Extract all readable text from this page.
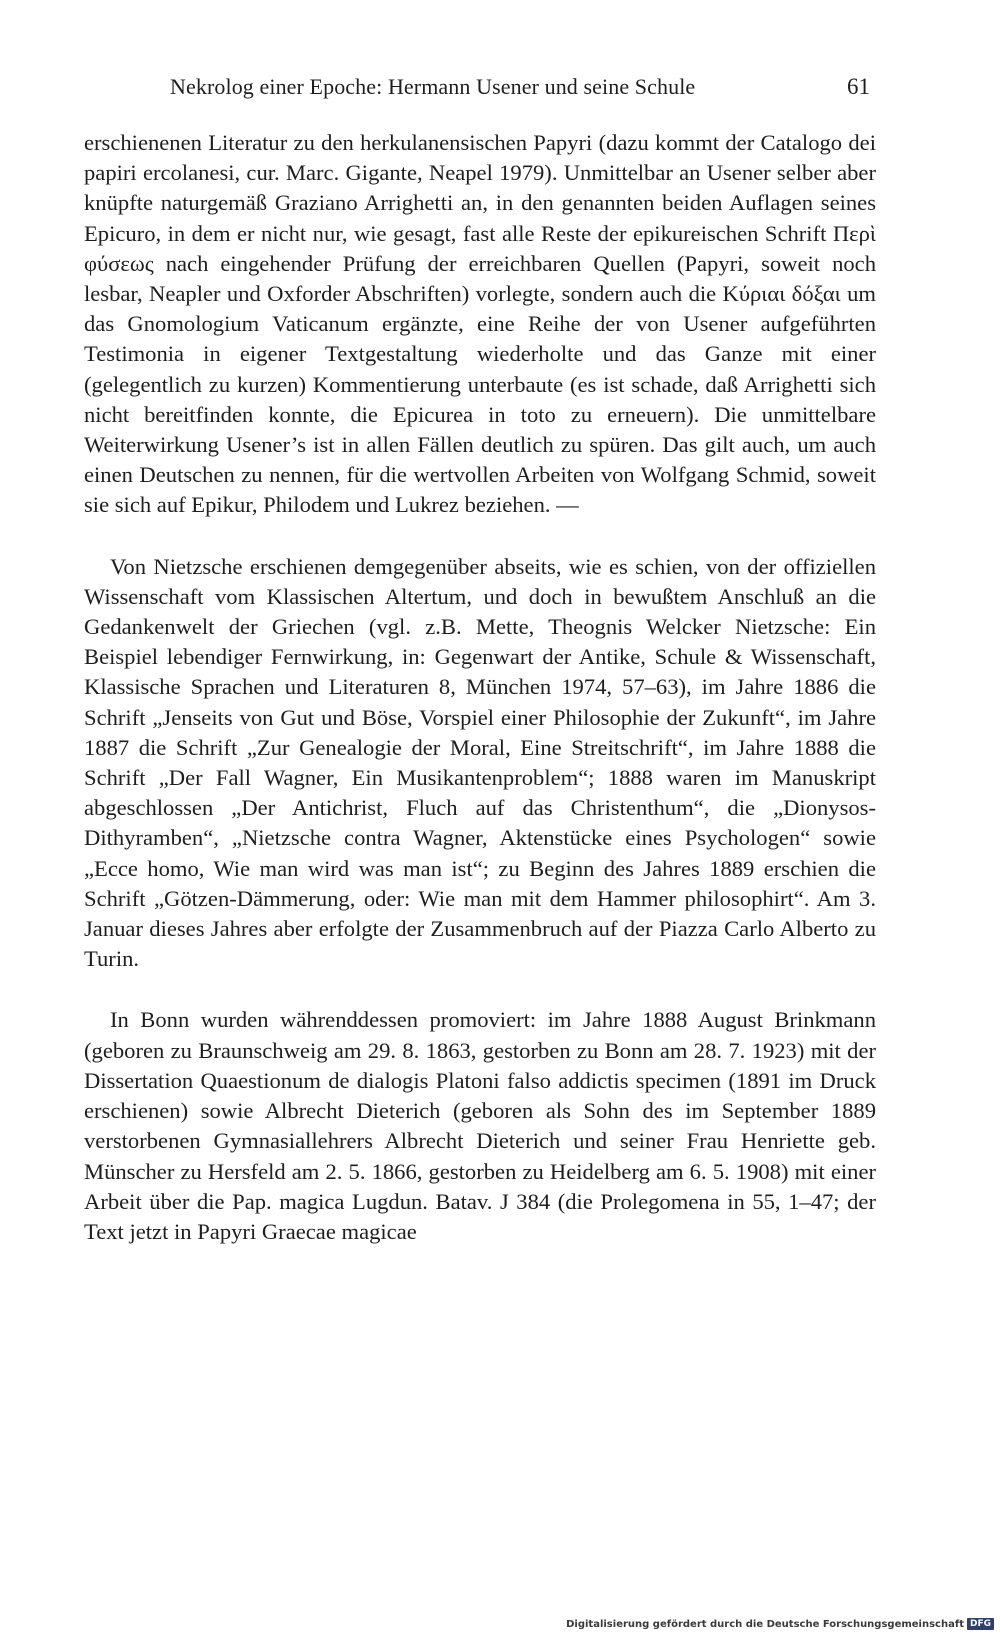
Nekrolog einer Epoche: Hermann Usener und seine Schule	61

erschienenen Literatur zu den herkulanensischen Papyri (dazu kommt der Catalogo dei papiri ercolanesi, cur. Marc. Gigante, Neapel 1979). Unmittelbar an Usener selber aber knüpfte naturgemäß Graziano Arrighetti an, in den genannten beiden Auflagen seines Epicuro, in dem er nicht nur, wie gesagt, fast alle Reste der epikureischen Schrift Περὶ φύσεως nach eingehender Prüfung der erreichbaren Quellen (Papyri, soweit noch lesbar, Neapler und Oxforder Abschriften) vorlegte, sondern auch die Κύριαι δόξαι um das Gnomologium Vaticanum ergänzte, eine Reihe der von Usener aufgeführten Testimonia in eigener Textgestaltung wiederholte und das Ganze mit einer (gelegentlich zu kurzen) Kommentierung unterbaute (es ist schade, daß Arrighetti sich nicht bereitfinden konnte, die Epicurea in toto zu erneuern). Die unmittelbare Weiterwirkung Usener’s ist in allen Fällen deutlich zu spüren. Das gilt auch, um auch einen Deutschen zu nennen, für die wertvollen Arbeiten von Wolfgang Schmid, soweit sie sich auf Epikur, Philodem und Lukrez beziehen. —

Von Nietzsche erschienen demgegenüber abseits, wie es schien, von der offiziellen Wissenschaft vom Klassischen Altertum, und doch in bewußtem Anschluß an die Gedankenwelt der Griechen (vgl. z.B. Mette, Theognis Welcker Nietzsche: Ein Beispiel lebendiger Fernwirkung, in: Gegenwart der Antike, Schule & Wissenschaft, Klassische Sprachen und Literaturen 8, München 1974, 57–63), im Jahre 1886 die Schrift „Jenseits von Gut und Böse, Vorspiel einer Philosophie der Zukunft“, im Jahre 1887 die Schrift „Zur Genealogie der Moral, Eine Streitschrift“, im Jahre 1888 die Schrift „Der Fall Wagner, Ein Musikantenproblem“; 1888 waren im Manuskript abgeschlossen „Der Antichrist, Fluch auf das Christenthum“, die „Dionysos-Dithyramben“, „Nietzsche contra Wagner, Aktenstücke eines Psychologen“ sowie „Ecce homo, Wie man wird was man ist“; zu Beginn des Jahres 1889 erschien die Schrift „Götzen-Dämmerung, oder: Wie man mit dem Hammer philosophirt“. Am 3. Januar dieses Jahres aber erfolgte der Zusammenbruch auf der Piazza Carlo Alberto zu Turin.

In Bonn wurden währenddessen promoviert: im Jahre 1888 August Brinkmann (geboren zu Braunschweig am 29. 8. 1863, gestorben zu Bonn am 28. 7. 1923) mit der Dissertation Quaestionum de dialogis Platoni falso addictis specimen (1891 im Druck erschienen) sowie Albrecht Dieterich (geboren als Sohn des im September 1889 verstorbenen Gymnasiallehrers Albrecht Dieterich und seiner Frau Henriette geb. Münscher zu Hersfeld am 2. 5. 1866, gestorben zu Heidelberg am 6. 5. 1908) mit einer Arbeit über die Pap. magica Lugdun. Batav. J 384 (die Prolegomena in 55, 1–47; der Text jetzt in Papyri Graecae magicae

Digitalisierung gefördert durch die Deutsche Forschungsgemeinschaft DFG
